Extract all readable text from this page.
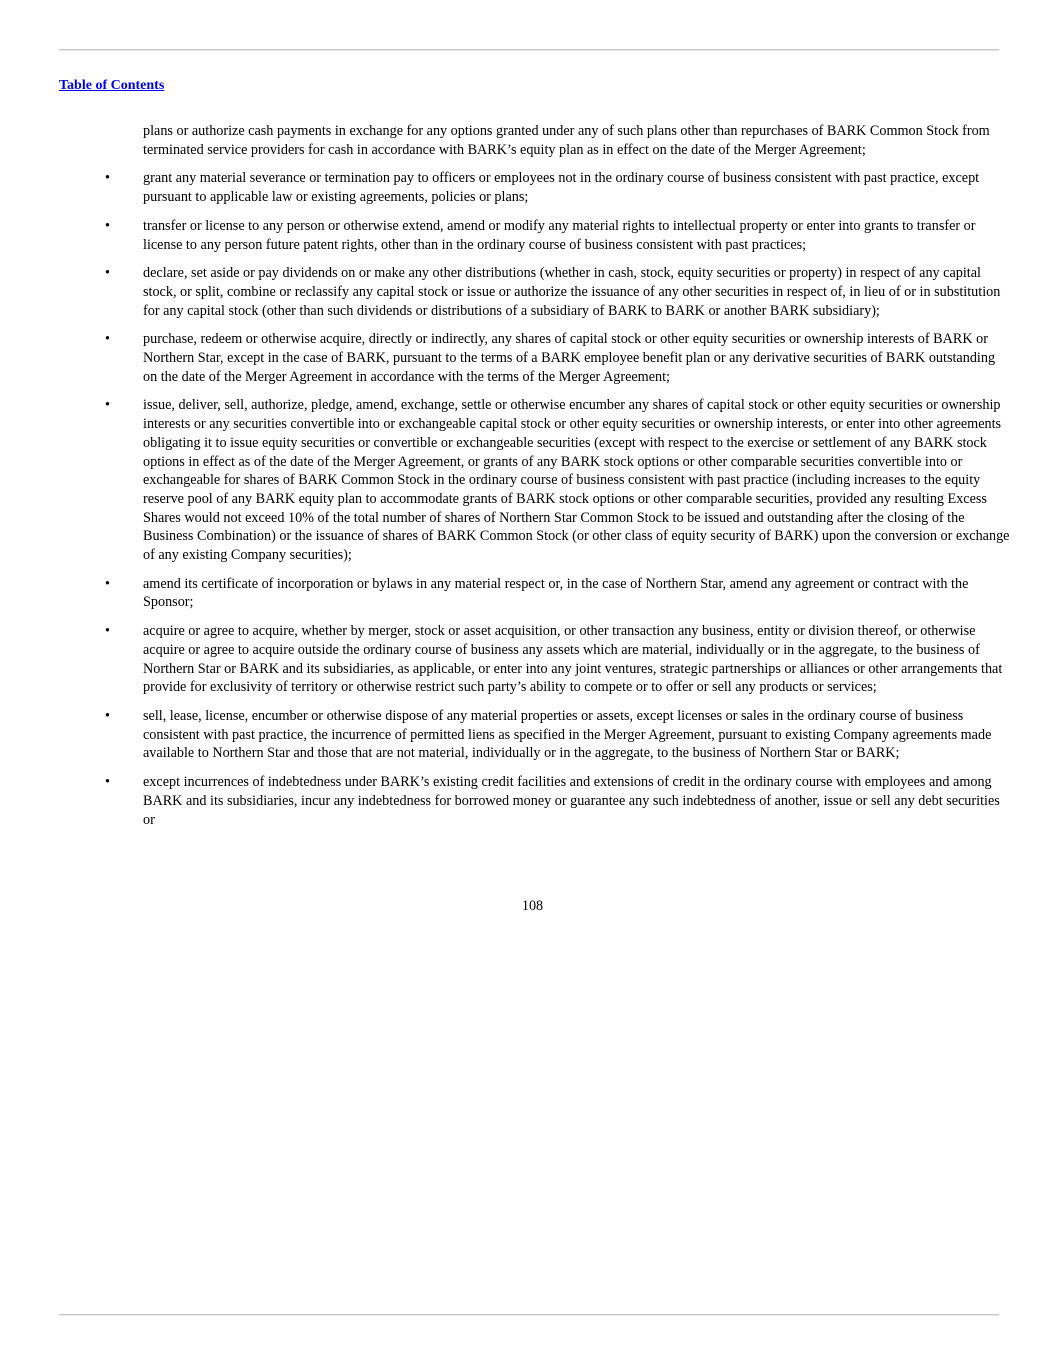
Table of Contents

plans or authorize cash payments in exchange for any options granted under any of such plans other than repurchases of BARK Common Stock from terminated service providers for cash in accordance with BARK’s equity plan as in effect on the date of the Merger Agreement;

•	grant any material severance or termination pay to officers or employees not in the ordinary course of business consistent with past practice, except pursuant to applicable law or existing agreements, policies or plans;

•	transfer or license to any person or otherwise extend, amend or modify any material rights to intellectual property or enter into grants to transfer or license to any person future patent rights, other than in the ordinary course of business consistent with past practices;

•	declare, set aside or pay dividends on or make any other distributions (whether in cash, stock, equity securities or property) in respect of any capital stock, or split, combine or reclassify any capital stock or issue or authorize the issuance of any other securities in respect of, in lieu of or in substitution for any capital stock (other than such dividends or distributions of a subsidiary of BARK to BARK or another BARK subsidiary);

•	purchase, redeem or otherwise acquire, directly or indirectly, any shares of capital stock or other equity securities or ownership interests of BARK or Northern Star, except in the case of BARK, pursuant to the terms of a BARK employee benefit plan or any derivative securities of BARK outstanding on the date of the Merger Agreement in accordance with the terms of the Merger Agreement;

•	issue, deliver, sell, authorize, pledge, amend, exchange, settle or otherwise encumber any shares of capital stock or other equity securities or ownership interests or any securities convertible into or exchangeable capital stock or other equity securities or ownership interests, or enter into other agreements obligating it to issue equity securities or convertible or exchangeable securities (except with respect to the exercise or settlement of any BARK stock options in effect as of the date of the Merger Agreement, or grants of any BARK stock options or other comparable securities convertible into or exchangeable for shares of BARK Common Stock in the ordinary course of business consistent with past practice (including increases to the equity reserve pool of any BARK equity plan to accommodate grants of BARK stock options or other comparable securities, provided any resulting Excess Shares would not exceed 10% of the total number of shares of Northern Star Common Stock to be issued and outstanding after the closing of the Business Combination) or the issuance of shares of BARK Common Stock (or other class of equity security of BARK) upon the conversion or exchange of any existing Company securities);

•	amend its certificate of incorporation or bylaws in any material respect or, in the case of Northern Star, amend any agreement or contract with the Sponsor;

•	acquire or agree to acquire, whether by merger, stock or asset acquisition, or other transaction any business, entity or division thereof, or otherwise acquire or agree to acquire outside the ordinary course of business any assets which are material, individually or in the aggregate, to the business of Northern Star or BARK and its subsidiaries, as applicable, or enter into any joint ventures, strategic partnerships or alliances or other arrangements that provide for exclusivity of territory or otherwise restrict such party’s ability to compete or to offer or sell any products or services;

•	sell, lease, license, encumber or otherwise dispose of any material properties or assets, except licenses or sales in the ordinary course of business consistent with past practice, the incurrence of permitted liens as specified in the Merger Agreement, pursuant to existing Company agreements made available to Northern Star and those that are not material, individually or in the aggregate, to the business of Northern Star or BARK;

•	except incurrences of indebtedness under BARK’s existing credit facilities and extensions of credit in the ordinary course with employees and among BARK and its subsidiaries, incur any indebtedness for borrowed money or guarantee any such indebtedness of another, issue or sell any debt securities or

108
